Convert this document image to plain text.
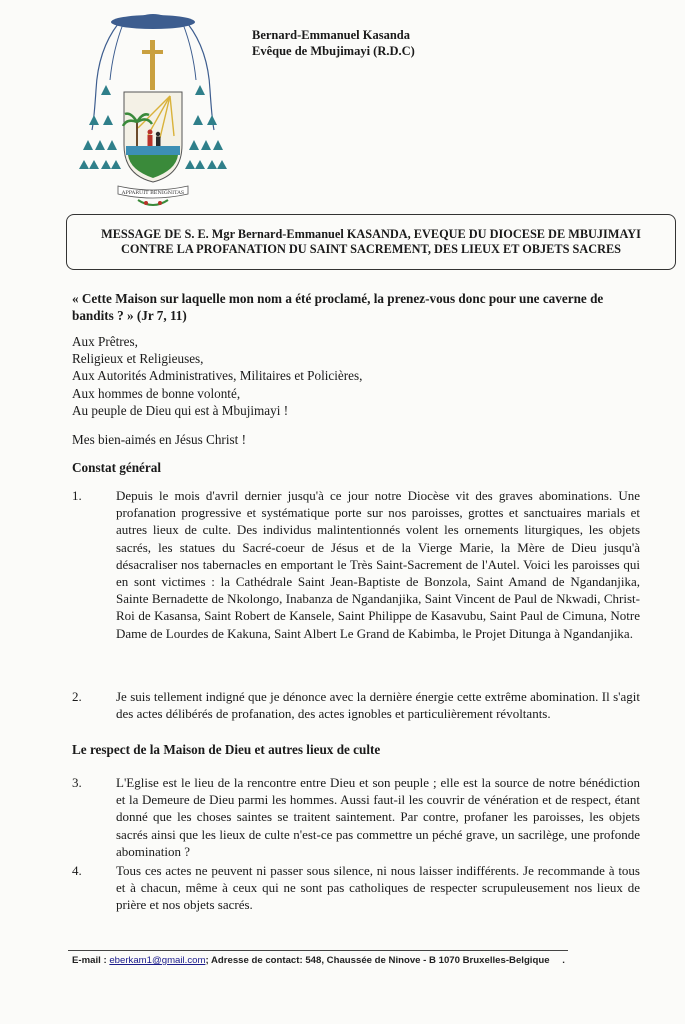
APPARUIT BENIGNITAS
Bernard-Emmanuel Kasanda
Evêque de Mbujimayi (R.D.C)
MESSAGE DE S. E. Mgr Bernard-Emmanuel KASANDA, EVEQUE DU DIOCESE DE MBUJIMAYI CONTRE LA PROFANATION DU SAINT SACREMENT, DES LIEUX ET OBJETS SACRES
« Cette Maison sur laquelle mon nom a été proclamé, la prenez-vous donc pour une caverne de bandits ? » (Jr 7, 11)
Aux Prêtres,
Religieux et Religieuses,
Aux Autorités Administratives, Militaires et Policières,
Aux hommes de bonne volonté,
Au peuple de Dieu qui est à Mbujimayi !
Mes bien-aimés en Jésus Christ !
Constat général
1.	Depuis le mois d'avril dernier jusqu'à ce jour notre Diocèse vit des graves abominations. Une profanation progressive et systématique porte sur nos paroisses, grottes et sanctuaires marials et autres lieux de culte. Des individus malintentionnés volent les ornements liturgiques, les objets sacrés, les statues du Sacré-coeur de Jésus et de la Vierge Marie, la Mère de Dieu jusqu'à désacraliser nos tabernacles en emportant le Très Saint-Sacrement de l'Autel. Voici les paroisses qui en sont victimes : la Cathédrale Saint Jean-Baptiste de Bonzola, Saint Amand de Ngandanjika, Sainte Bernadette de Nkolongo, Inabanza de Ngandanjika, Saint Vincent de Paul de Nkwadi, Christ-Roi de Kasansa, Saint Robert de Kansele, Saint Philippe de Kasavubu, Saint Paul de Cimuna, Notre Dame de Lourdes de Kakuna, Saint Albert Le Grand de Kabimba, le Projet Ditunga à Ngandanjika.
2.	Je suis tellement indigné que je dénonce avec la dernière énergie cette extrême abomination. Il s'agit des actes délibérés de profanation, des actes ignobles et particulièrement révoltants.
Le respect de la Maison de Dieu et autres lieux de culte
3.	L'Eglise est le lieu de la rencontre entre Dieu et son peuple ; elle est la source de notre bénédiction et la Demeure de Dieu parmi les hommes. Aussi faut-il les couvrir de vénération et de respect, étant donné que les choses saintes se traitent saintement. Par contre, profaner les paroisses, les objets sacrés ainsi que les lieux de culte n'est-ce pas commettre un péché grave, un sacrilège, une profonde abomination ?
4.	Tous ces actes ne peuvent ni passer sous silence, ni nous laisser indifférents. Je recommande à tous et à chacun, même à ceux qui ne sont pas catholiques de respecter scrupuleusement nos lieux de prière et nos objets sacrés.
E-mail : eberkam1@gmail.com; Adresse de contact: 548, Chaussée de Ninove - B 1070 Bruxelles-Belgique .
